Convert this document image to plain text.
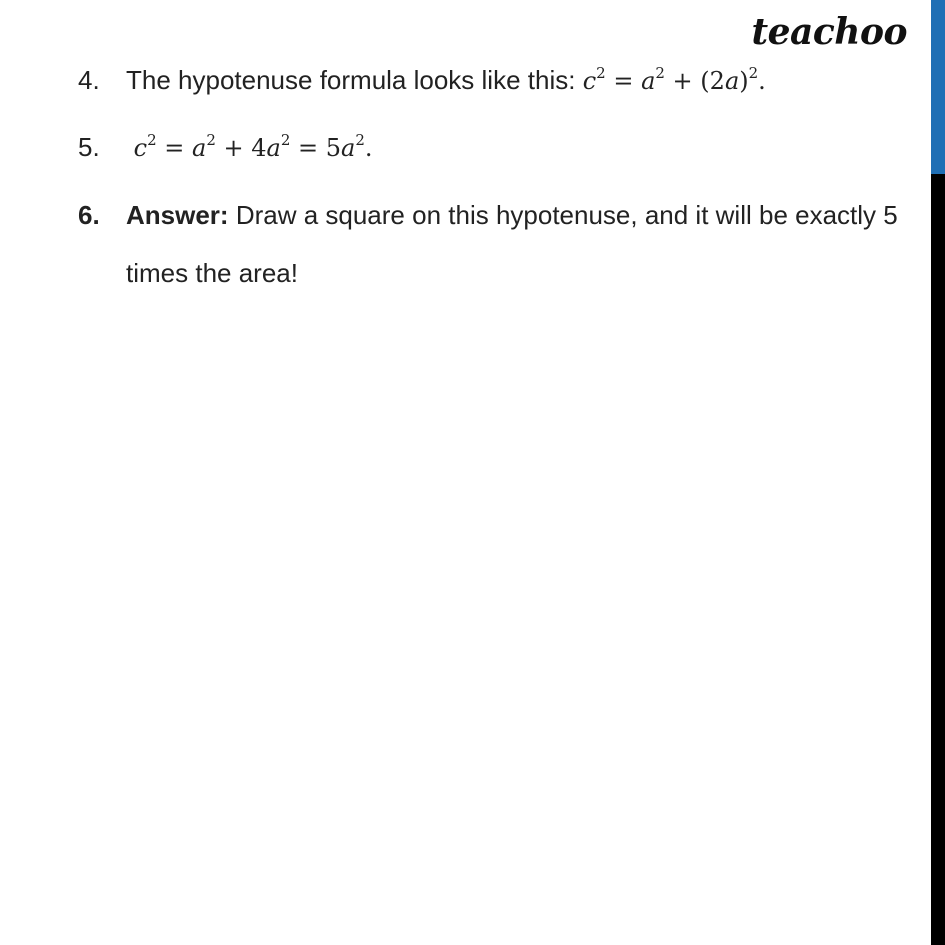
teachoo
4.	The hypotenuse formula looks like this: $c^2 = a^2 + (2a)^2$.
5.	$c^2 = a^2 + 4a^2 = 5a^2$.
6.	Answer: Draw a square on this hypotenuse, and it will be exactly 5 times the area!
